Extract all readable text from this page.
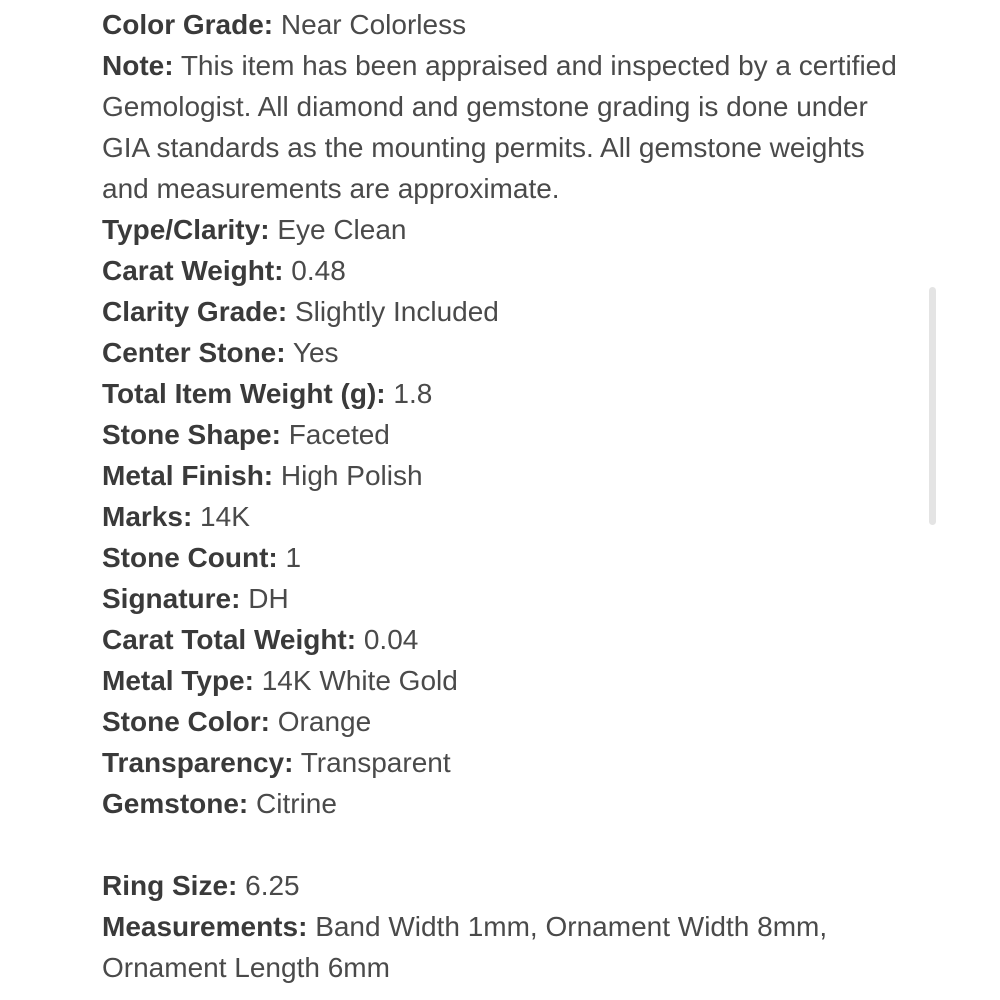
Color Grade: Near Colorless

Note: This item has been appraised and inspected by a certified Gemologist. All diamond and gemstone grading is done under GIA standards as the mounting permits. All gemstone weights and measurements are approximate.

Type/Clarity: Eye Clean

Carat Weight: 0.48

Clarity Grade: Slightly Included

Center Stone: Yes

Total Item Weight (g): 1.8

Stone Shape: Faceted

Metal Finish: High Polish

Marks: 14K

Stone Count: 1

Signature: DH

Carat Total Weight: 0.04

Metal Type: 14K White Gold

Stone Color: Orange

Transparency: Transparent

Gemstone: Citrine

Ring Size: 6.25

Measurements: Band Width 1mm, Ornament Width 8mm, Ornament Length 6mm
